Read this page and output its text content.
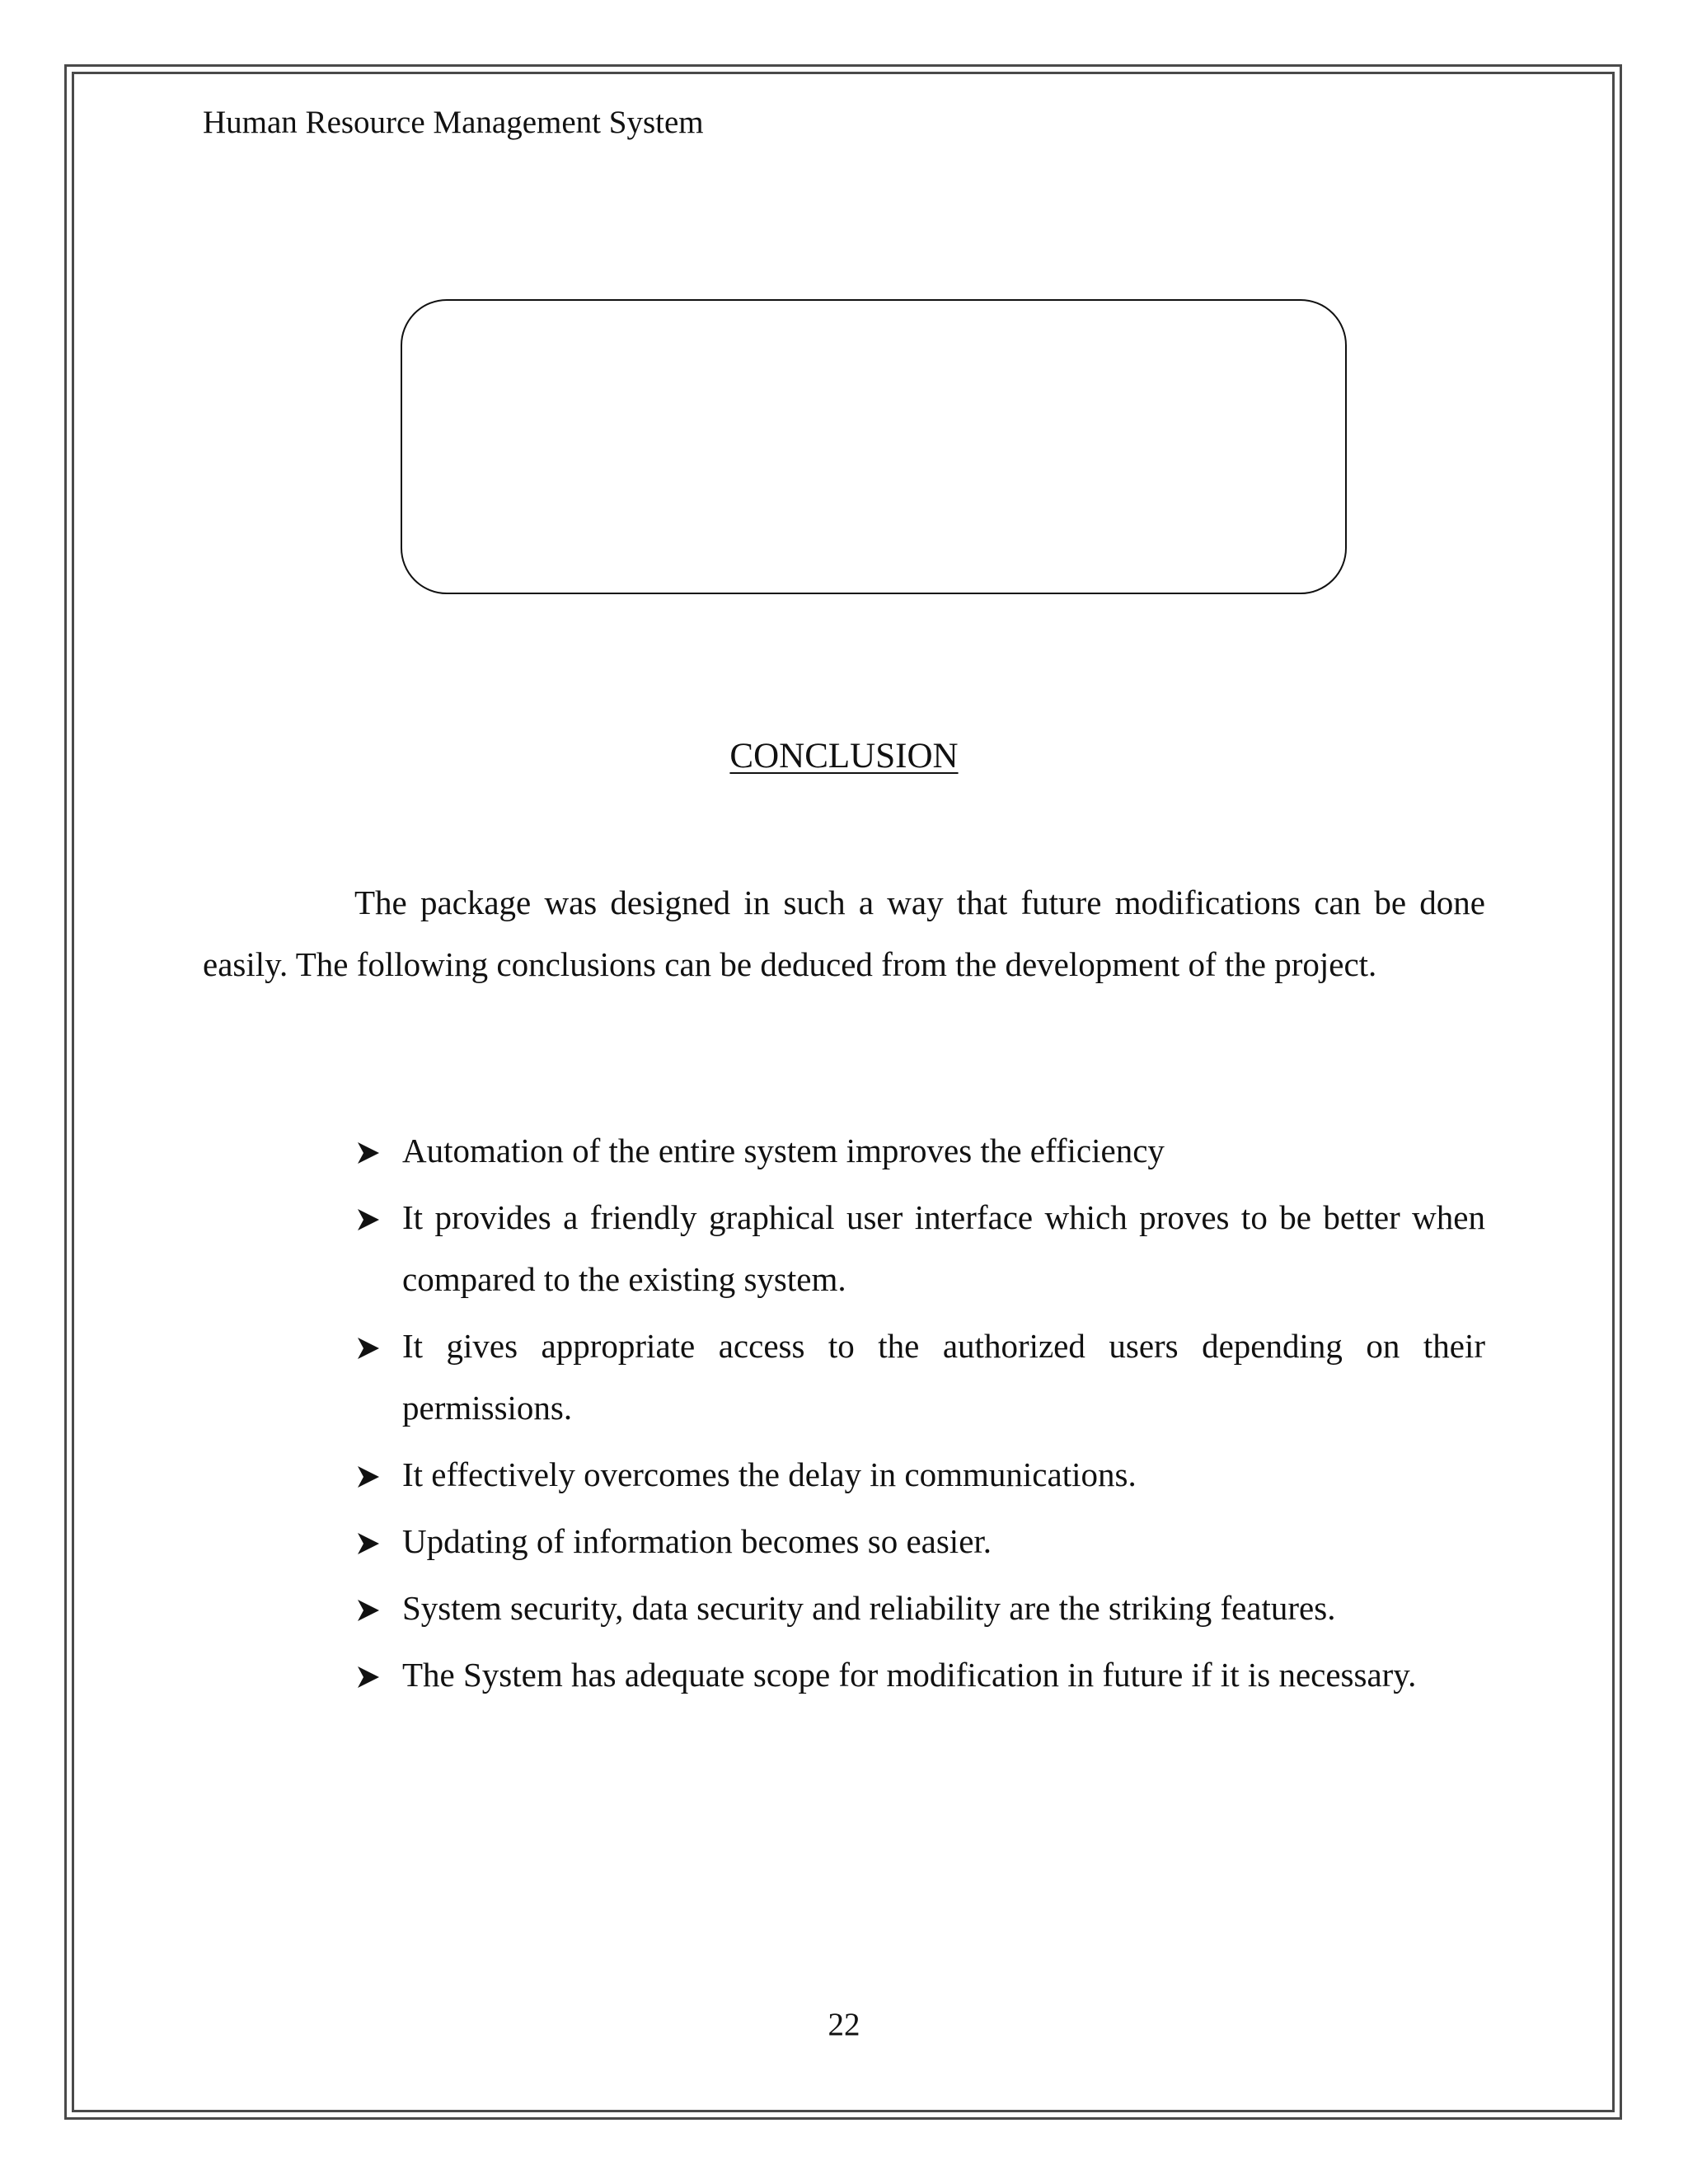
Human Resource Management System
CONCLUSION

The package was designed in such a way that future modifications can be done easily. The following conclusions can be deduced from the development of the project.

Automation of the entire system improves the efficiency
It provides a friendly graphical user interface which proves to be better when compared to the existing system.
It gives appropriate access to the authorized users depending on their permissions.
It effectively overcomes the delay in communications.
Updating of information becomes so easier.
System security, data security and reliability are the striking features.
The System has adequate scope for modification in future if it is necessary.
22
